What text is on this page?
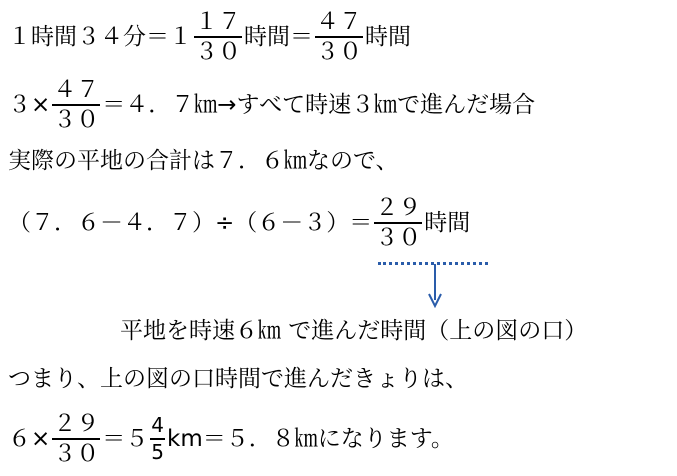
１時間３４分$=1 \frac{17}{30}$ 時間＝ $\frac{47}{30}$ 時間
$3\times \frac{47}{30} =4$．７㎞→すべて時速３㎞で進んだ場合
実際の平地の合計は７．６㎞なので、
（７．６－４．$7)\div(6-3)= \frac{29}{30}$ 時間
平地を時速６㎞ で進んだ時間（上の図の口）
つまり、上の図の口時間で進んだきょりは、
$6\times \frac{29}{30} =5 \frac{4}{5} km=5$．８㎞になります。
